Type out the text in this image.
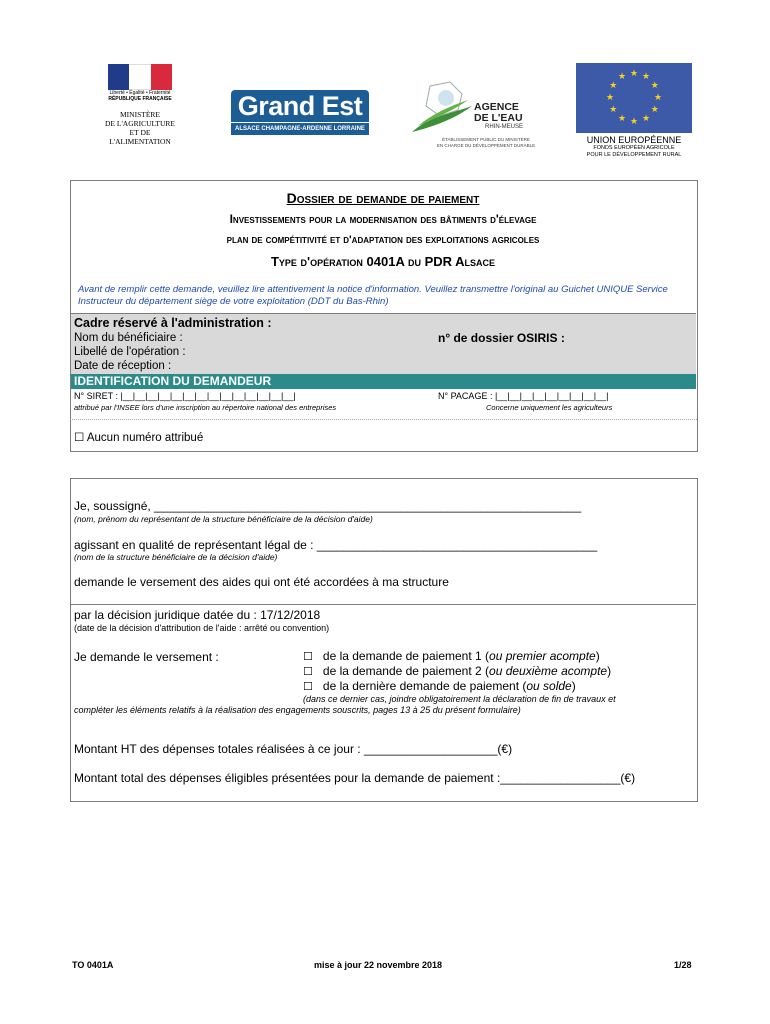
Liberté • Égalité • Fraternité
RÉPUBLIQUE FRANÇAISE
MINISTÈRE
DE L'AGRICULTURE
ET DE
L'ALIMENTATION
Grand Est
ALSACE CHAMPAGNE-ARDENNE LORRAINE
AGENCE
DE L'EAU
RHIN-MEUSE
ÉTABLISSEMENT PUBLIC DU MINISTÈRE
EN CHARGE DU DÉVELOPPEMENT DURABLE
★ ★
★
★
★
★
★
★
★
★
★
★
UNION EUROPÉENNE
FONDS EUROPÉEN AGRICOLE
POUR LE DÉVELOPPEMENT RURAL
Dossier de demande de paiement
Investissements pour la modernisation des bâtiments d'élevage
plan de compétitivité et d'adaptation des exploitations agricoles
Type d'opération 0401A du PDR Alsace
Avant de remplir cette demande, veuillez lire attentivement la notice d'information. Veuillez transmettre l'original au Guichet UNIQUE Service Instructeur du département siège de votre exploitation (DDT du Bas-Rhin)
Cadre réservé à l'administration :
Nom du bénéficiaire :	n° de dossier OSIRIS :
Libellé de l'opération :
Date de réception :
IDENTIFICATION DU DEMANDEUR
N° SIRET : |__|__|__|__|__|__|__|__|__|__|__|__|__|__|
attribué par l'INSEE lors d'une inscription au répertoire national des entreprises
N° PACAGE : |__|__|__|__|__|__|__|__|__|
Concerne uniquement les agriculteurs
☐ Aucun numéro attribué
Je, soussigné, ________________________________________________________________
(nom, prénom du représentant de la structure bénéficiaire de la décision d'aide)
agissant en qualité de représentant légal de : __________________________________________
(nom de la structure bénéficiaire de la décision d'aide)
demande le versement des aides qui ont été accordées à ma structure
par la décision juridique datée du : 17/12/2018
(date de la décision d'attribution de l'aide : arrêté ou convention)
Je demande le versement :	☐ de la demande de paiement 1 (ou premier acompte)
☐ de la demande de paiement 2 (ou deuxième acompte)
☐ de la dernière demande de paiement (ou solde)
(dans ce dernier cas, joindre obligatoirement la déclaration de fin de travaux et
compléter les éléments relatifs à la réalisation des engagements souscrits, pages 13 à 25 du présent formulaire)
Montant HT des dépenses totales réalisées à ce jour : ____________________(€)
Montant total des dépenses éligibles présentées pour la demande de paiement :__________________(€)
TO 0401A	mise à jour 22 novembre 2018	1/28
